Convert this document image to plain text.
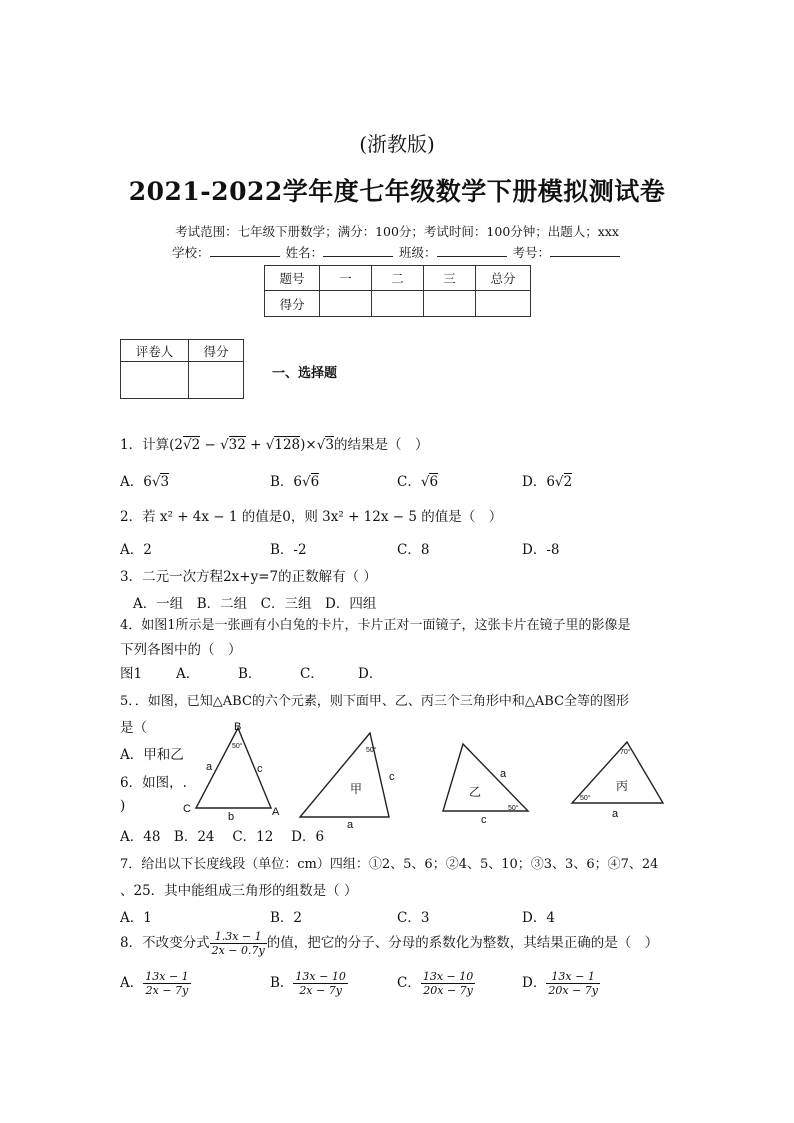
(浙教版)
2021-2022学年度七年级数学下册模拟测试卷
考试范围：七年级下册数学；满分：100分；考试时间：100分钟；出题人；xxx
学校：	姓名：	班级：	考号：
题号	一	二	三	总分
得分				
评卷人	得分

一、选择题
1．计算(2√2 − √32 + √128)×√3的结果是（　）
A．6√3	B．6√6	C．√6	D．6√2
2．若 x² + 4x − 1 的值是0，则 3x² + 12x − 5 的值是（　）
A．2	B．-2	C．8	D．-8
3．二元一次方程2x+y=7的正数解有（ ）
A．一组　B．二组　C．三组　D．四组
4．如图1所示是一张画有小白兔的卡片，卡片正对一面镜子，这张卡片在镜子里的影像是
下列各图中的（　）
图1	A．	B．	C．	D．
5．．如图，已知△ABC的六个元素，则下面甲、乙、丙三个三角形中和△ABC全等的图形
是（　　
A．甲和乙
6．如图，.
)
A．48　B．24　 C．12　 D．6
B
C	A
a	c
b
50°
甲
c
a
50°
乙
a
c
50°
丙
a
70°
50°
7．给出以下长度线段（单位：cm）四组：①2、5、6；②4、5、10；③3、3、6；④7、24
、25．其中能组成三角形的组数是（ ）
A．1	B．2	C．3	D．4
8．不改变分式 $\frac{1.3x - 1}{2x - 0.7y}$ 的值，把它的分子、分母的系数化为整数，其结果正确的是（　）
A． $\frac{13x - 1}{2x - 7y}$	B． $\frac{13x - 10}{2x - 7y}$	C． $\frac{13x - 10}{20x - 7y}$	D． $\frac{13x - 1}{20x - 7y}$
